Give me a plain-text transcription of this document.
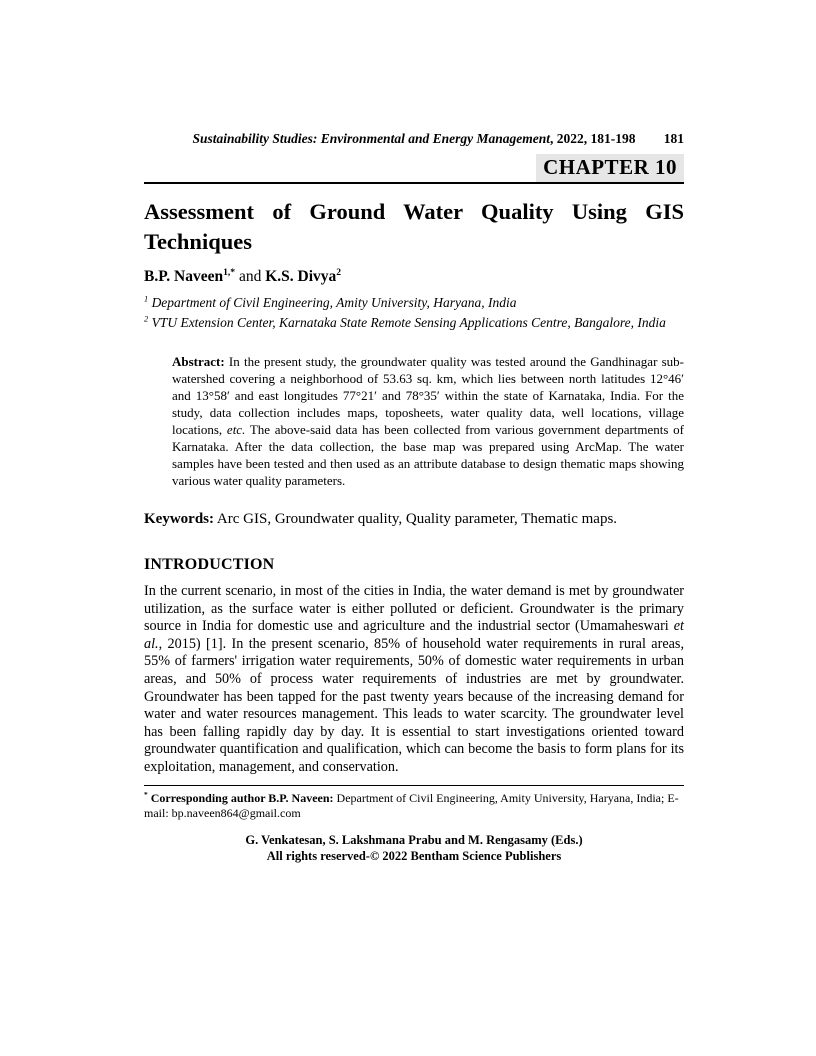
Sustainability Studies: Environmental and Energy Management, 2022, 181-198 181
CHAPTER 10
Assessment of Ground Water Quality Using GIS
Techniques
B.P. Naveen$^{1,*}$ and K.S. Divya$^2$
$^1$ Department of Civil Engineering, Amity University, Haryana, India
$^2$ VTU Extension Center, Karnataka State Remote Sensing Applications Centre, Bangalore, India

Abstract: In the present study, the groundwater quality was tested around the Gandhinagar sub-watershed covering a neighborhood of 53.63 sq. km, which lies between north latitudes 12°46′ and 13°58′ and east longitudes 77°21′ and 78°35′ within the state of Karnataka, India. For the study, data collection includes maps, toposheets, water quality data, well locations, village locations, etc. The above-said data has been collected from various government departments of Karnataka. After the data collection, the base map was prepared using ArcMap. The water samples have been tested and then used as an attribute database to design thematic maps showing various water quality parameters.

Keywords: Arc GIS, Groundwater quality, Quality parameter, Thematic maps.

INTRODUCTION

In the current scenario, in most of the cities in India, the water demand is met by groundwater utilization, as the surface water is either polluted or deficient. Groundwater is the primary source in India for domestic use and agriculture and the industrial sector (Umamaheswari et al., 2015) [1]. In the present scenario, 85% of household water requirements in rural areas, 55% of farmers' irrigation water requirements, 50% of domestic water requirements in urban areas, and 50% of process water requirements of industries are met by groundwater. Groundwater has been tapped for the past twenty years because of the increasing demand for water and water resources management. This leads to water scarcity. The groundwater level has been falling rapidly day by day. It is essential to start investigations oriented toward groundwater quantification and qualification, which can become the basis to form plans for its exploitation, management, and conservation.

* Corresponding author B.P. Naveen: Department of Civil Engineering, Amity University, Haryana, India; E-mail: bp.naveen864@gmail.com
G. Venkatesan, S. Lakshmana Prabu and M. Rengasamy (Eds.)
All rights reserved-© 2022 Bentham Science Publishers
